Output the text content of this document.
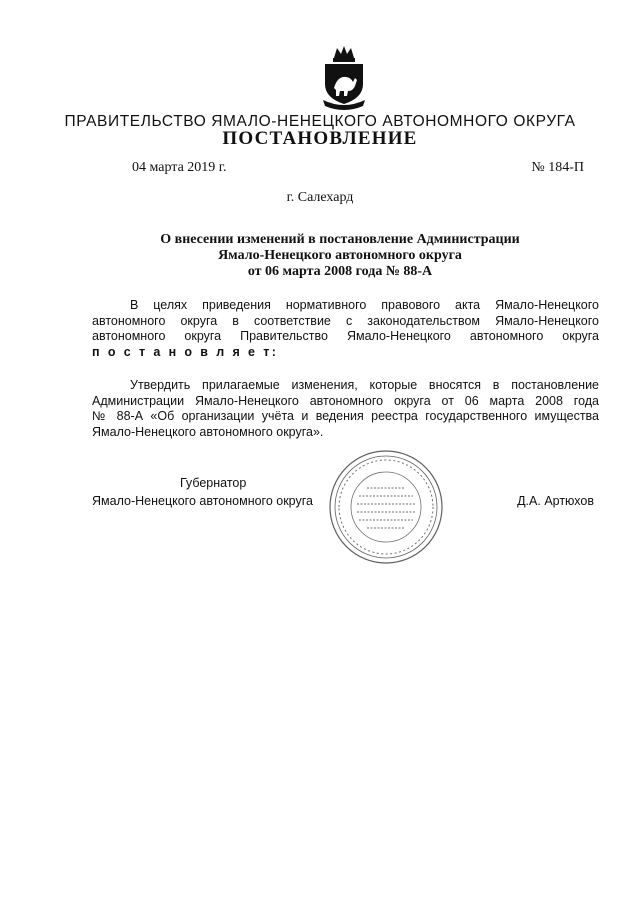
ПРАВИТЕЛЬСТВО ЯМАЛО-НЕНЕЦКОГО АВТОНОМНОГО ОКРУГА
ПОСТАНОВЛЕНИЕ
04 марта 2019 г.	№ 184-П
г. Салехард
О внесении изменений в постановление Администрации
Ямало-Ненецкого автономного округа
от 06 марта 2008 года № 88-А
В целях приведения нормативного правового акта Ямало-Ненецкого
автономного округа в соответствие с законодательством Ямало-Ненецкого
автономного округа Правительство Ямало-Ненецкого автономного округа
п о с т а н о в л я е т:
Утвердить прилагаемые изменения, которые вносятся в постановление
Администрации Ямало-Ненецкого автономного округа от 06 марта 2008 года
№ 88-А «Об организации учёта и ведения реестра государственного имущества
Ямало-Ненецкого автономного округа».
Губернатор
Ямало-Ненецкого автономного округа	Д.А. Артюхов
